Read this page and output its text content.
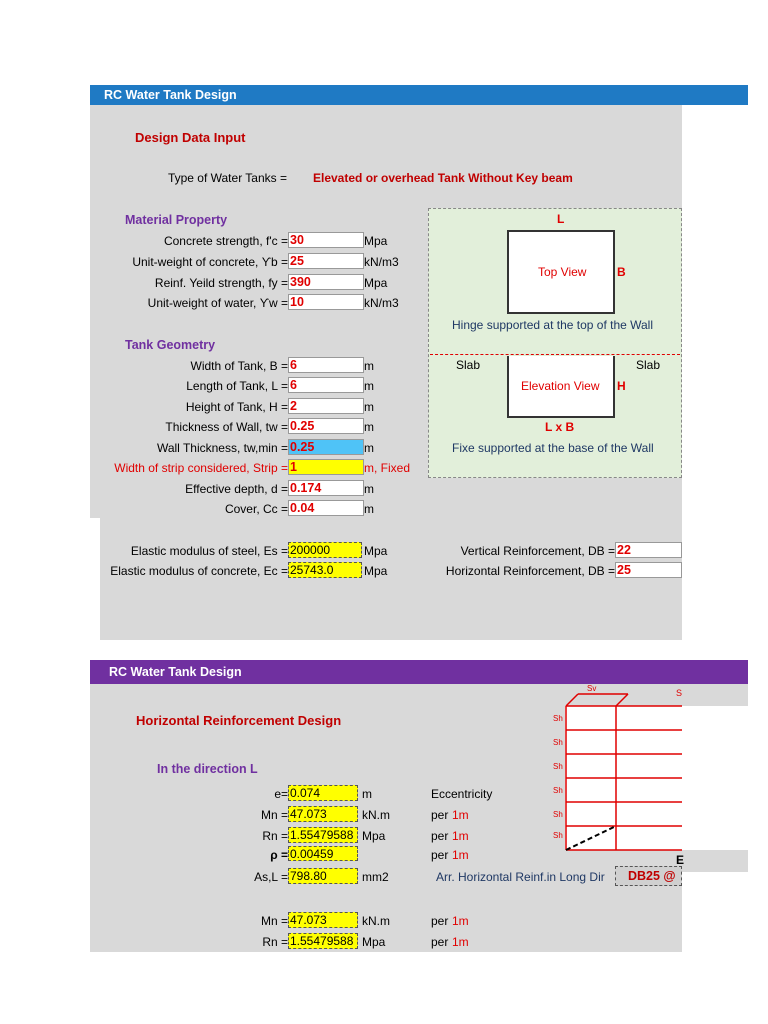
RC Water Tank Design
Design Data Input
Type of Water Tanks = Elevated or overhead Tank Without Key beam
Material Property
Concrete strength, f'c = 30	Mpa
Unit-weight of concrete, ϒb = 25	kN/m3
Reinf. Yeild strength, fy = 390	Mpa
Unit-weight of water, ϒw = 10	kN/m3
Tank Geometry
Width of Tank, B = 6	m
Length of Tank, L = 6	m
Height of Tank, H = 2	m
Thickness of Wall, tw = 0.25	m
Wall Thickness, tw,min = 0.25	m
Width of strip considered, Strip = 1	m, Fixed
Effective depth, d = 0.174	m
Cover, Cc = 0.04	m
Elastic modulus of steel, Es = 200000	Mpa
Elastic modulus of concrete, Ec = 25743.0	Mpa
Vertical Reinforcement, DB = 22
Horizontal Reinforcement, DB = 25
L
Top View	B
Hinge supported at the top of the Wall
Slab	Slab
Elevation View H
L x B
Fixe supported at the base of the Wall
RC Water Tank Design
Horizontal Reinforcement Design
In the direction L
e= 0.074	m	Eccentricity
Mn = 47.073	kN.m	per 1m
Rn = 1.55479588 Mpa	per 1m
ρ = 0.00459	per 1m
As,L = 798.80	mm2	Arr. Horizontal Reinf.in Long Dir	DB25 @
Mn = 47.073	kN.m	per 1m
Rn = 1.55479588 Mpa	per 1m
Sv	S
Sh
Sh
Sh
Sh
Sh
Sh
E
